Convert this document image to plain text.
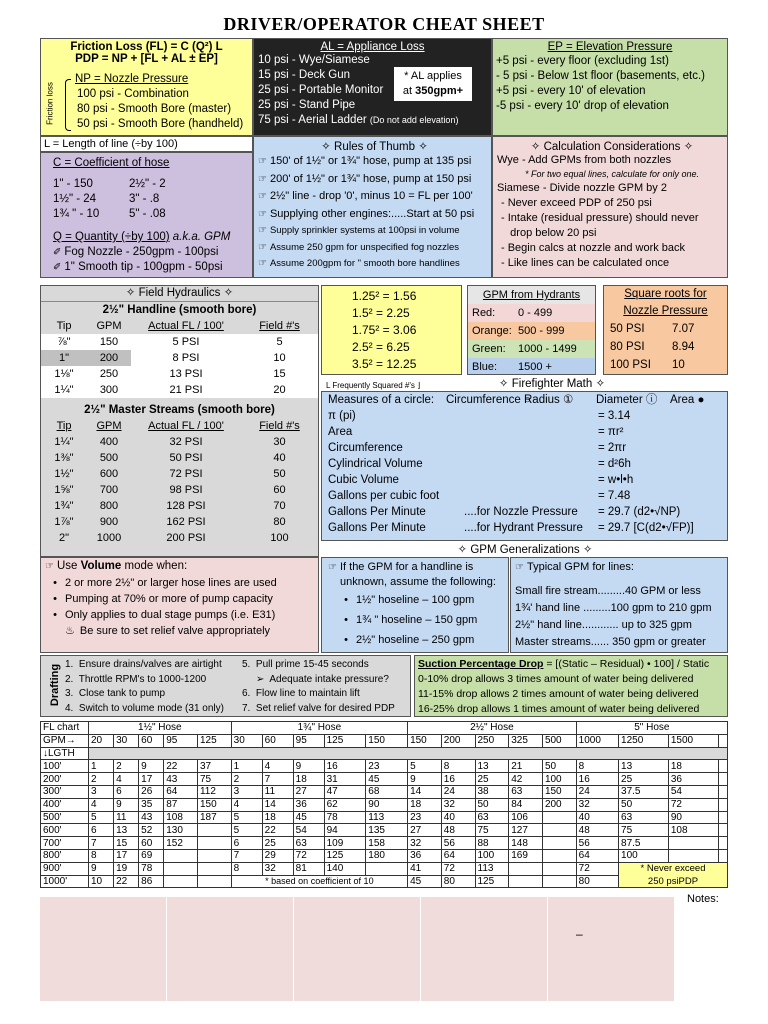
DRIVER/OPERATOR CHEAT SHEET
Friction Loss (FL) = C (Q²) L
PDP = NP + [FL + AL ± EP]
Friction loss
NP = Nozzle Pressure
100 psi - Combination
80 psi - Smooth Bore (master)
50 psi - Smooth Bore (handheld)
AL = Appliance Loss
10 psi - Wye/Siamese
15 psi - Deck Gun
25 psi - Portable Monitor
25 psi - Stand Pipe
75 psi - Aerial Ladder (Do not add elevation)
* AL applies
at 350gpm+
EP = Elevation Pressure
+5 psi - every floor (excluding 1st)
- 5 psi - Below 1st floor (basements, etc.)
+5 psi - every 10' of elevation
-5 psi - every 10' drop of elevation
L = Length of line (÷by 100)
C = Coefficient of hose
1" - 150	2½" - 2
1½" - 24	3" - .8
1¾ " - 10	5" - .08
Q = Quantity (÷by 100) a.k.a. GPM
✐ Fog Nozzle - 250gpm - 100psi
✐ 1" Smooth tip - 100gpm - 50psi
✧ Rules of Thumb ✧
☞ 150' of 1½" or 1¾" hose, pump at 135 psi
☞ 200' of 1½" or 1¾" hose, pump at 150 psi
☞ 2½" line - drop '0', minus 10 = FL per 100'
☞ Supplying other engines:.....Start at 50 psi
☞ Supply sprinkler systems at 100psi in volume
☞ Assume 250 gpm for unspecified fog nozzles
☞ Assume 200gpm for " smooth bore handlines
✧ Calculation Considerations ✧
Wye - Add GPMs from both nozzles
* For two equal lines, calculate for only one.
Siamese - Divide nozzle GPM by 2
- Never exceed PDP of 250 psi
- Intake (residual pressure) should never
drop below 20 psi
- Begin calcs at nozzle and work back
- Like lines can be calculated once
✧ Field Hydraulics ✧
2½" Handline (smooth bore)
Tip	GPM	Actual FL / 100'	Field #'s
⅞"	150	5 PSI	5
1"	200	8 PSI	10
1⅛"	250	13 PSI	15
1¼"	300	21 PSI	20
2½" Master Streams (smooth bore)
Tip	GPM	Actual FL / 100'	Field #'s
1¼"	400	32 PSI	30
1⅜"	500	50 PSI	40
1½"	600	72 PSI	50
1⅝"	700	98 PSI	60
1¾"	800	128 PSI	70
1⅞"	900	162 PSI	80
2"	1000	200 PSI	100
1.25² = 1.56
1.5² = 2.25
1.75² = 3.06
2.5² = 6.25
3.5² = 12.25
L Frequently Squared #'s ⌋
GPM from Hydrants
Red:	0 - 499
Orange: 500 - 999
Green:	1000 - 1499
Blue:	1500 +
Square roots for
Nozzle Pressure
50 PSI	7.07
80 PSI	8.94
100 PSI	10
✧ Firefighter Math ✧
Measures of a circle:	Circumference ○
Radius ①	Diameter ⓘ	Area ●
π (pi)	= 3.14
Area	= πr²
Circumference	= 2πr
Cylindrical Volume	= d²6h
Cubic Volume	= w•l•h
Gallons per cubic foot	= 7.48
Gallons Per Minute	....for Nozzle Pressure	= 29.7 (d2•√NP)
Gallons Per Minute	....for Hydrant Pressure	= 29.7 [C(d2•√FP)]
✧ GPM Generalizations ✧
☞ Use Volume mode when:
• 2 or more 2½" or larger hose lines are used
• Pumping at 70% or more of pump capacity
• Only applies to dual stage pumps (i.e. E31)
♨ Be sure to set relief valve appropriately
☞ If the GPM for a handline is
unknown, assume the following:
• 1½" hoseline – 100 gpm
• 1¾ " hoseline – 150 gpm
• 2½" hoseline – 250 gpm
☞ Typical GPM for lines:
Small fire stream.........40 GPM or less
1¾' hand line .........100 gpm to 210 gpm
2½" hand line............ up to 325 gpm
Master streams...... 350 gpm or greater
Drafting 1.  Ensure drains/valves are airtight
2.  Throttle RPM's to 1000-1200
3.  Close tank to pump
4.  Switch to volume mode (31 only)
5.  Pull prime 15-45 seconds
➢  Adequate intake pressure?
6.  Flow line to maintain lift
7.  Set relief valve for desired PDP
Suction Percentage Drop = [(Static – Residual) • 100] / Static
0-10% drop allows 3 times amount of water being delivered
11-15% drop allows 2 times amount of water being delivered
16-25% drop allows 1 times amount of water being delivered
FL chart	1½" Hose					1¾" Hose					2½" Hose					5" Hose			
GPM→	20	30	60	95	125	30	60	95	125	150	150	200	250	325	500	1000	1250	1500	
↓LGTH																			
100'	1	2	9	22	37	1	4	9	16	23	5	8	13	21	50	8	13	18	
200'	2	4	17	43	75	2	7	18	31	45	9	16	25	42	100	16	25	36	
300'	3	6	26	64	112	3	11	27	47	68	14	24	38	63	150	24	37.5	54	
400'	4	9	35	87	150	4	14	36	62	90	18	32	50	84	200	32	50	72	
500'	5	11	43	108	187	5	18	45	78	113	23	40	63	106		40	63	90	
600'	6	13	52	130		5	22	54	94	135	27	48	75	127		48	75	108	
700'	7	15	60	152		6	25	63	109	158	32	56	88	148		56	87.5		
800'	8	17	69			7	29	72	125	180	36	64	100	169		64	100		
900'	9	19	78			8	32	81	140		41	72	113			72	* Never exceed		
1000'	10	22	86			* based on coefficient of 10					45	80	125			80	250 psiPDP		
–
Notes:
